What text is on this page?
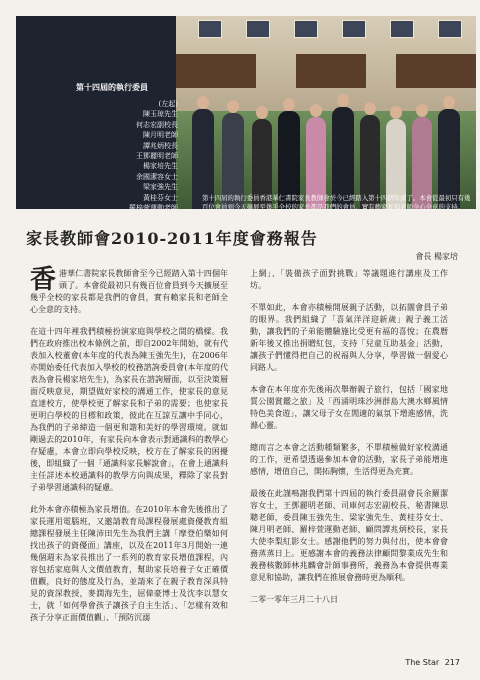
第十四屆的執行委員
(左起)
陳玉琼先生
何志宏副校長
陳月明老師
譚兆炳校長
王鄧麗明老師
楊家培先生
余國潔容女士
梁家強先生
黃桂芬女士
羅梓萱運動老師
陳思聰老師
第十四屆的執行委員香港華仁書院家長教師會於今已經踏入第十四個年頭了。本會從最初只有幾百位會員到今天擴展至幾乎全校的家長都是我們的會員，實有賴家長和老師全心全意的支持。
家長教師會2010-2011年度會務報告
會長 楊家培

香港華仁書院家長教師會至今已經踏入第十四個年頭了。本會從最初只有幾百位會員到今天擴展至幾乎全校的家長都是我們的會員，實有賴家長和老師全心全意的支持。

在這十四年裡我們積極扮演家庭與學校之間的橋樑。我們在政府推出校本條例之前，即自2002年開始，就有代表加入校董會(本年度的代表為陳玉強先生)，在2006年亦開始委任代表加入學校的校務諮詢委員會(本年度的代表為會長楊家培先生)，為家長在諮詢層面，以至決策層面反映意見，期望做好家校的溝通工作，使家長的意見直達校方，使學校更了解家長和子弟的需要；也使家長更明白學校的目標和政策，彼此在互諒互讓中手同心，為我們的子弟締造一個更和諧和美好的學習環境。就如剛過去的2010年，有家長向本會表示對通識科的教學心存疑慮，本會立即向學校反映，校方在了解家長的困擾後，即組織了一個「通識科家長解說會」，在會上通識科主任詳述本校通識科的教學方向與成果，釋除了家長對子弟學習通識科的疑慮。

此外本會亦積極為家長增值。在2010年本會先後推出了家長運用電腦班，又邀請教育局課程發展處資優教育組總課程發展主任陳沛田先生為我們主講「摩登伯樂如何找出孩子的資優面」講座，以及在2011年3月開始一連幾個週末為家長推出了一系列的教育家長增值課程，內容包括家庭與人文價值教育，幫助家長培養子女正確價值觀，良好的態度及行為，並請來了在親子教育深具特見的資深教授，麥潤海先生，屈偉豪博士及沈李以慧女士，就「如何學會孩子讓孩子自主生活」、「怎樣有效和孩子分享正面價值觀」、「預防沉溺

上網」、「裝備孩子面對挑戰」等議題進行講座及工作坊。

不單如此，本會亦積極開展親子活動，以拓闊會員子弟的眼界。我們組織了「喜氣洋洋迎新歲」親子義工活動，讓我們的子弟能體驗施比受更有福的喜悅；在農曆新年後又推出捐贈紅包，支持「兒童互助基金」活動，讓孩子們懂得把自己的祝福與人分享，學習做一個愛心同路人。

本會在本年度亦先後兩次舉辦親子旅行，包括「國家地質公園賞鑑之旅」及「西涌明珠沙洲群島大澳水鄉風情特色美食遊」，讓父母子女在閒適的氣氛下增進感情，洗滌心靈。

總而言之本會之活動種類繁多，不單積極做好家校溝通的工作，更希望透過參加本會的活動，家長子弟能增進感情，增值自己，開拓胸懷，生活得更為充實。

最後在此謹鳴謝我們第十四屆的執行委員副會長余羅潔容女士，王鄧麗明老師、司庫何志宏副校長、秘書陳思聰老師，委員陳玉強先生、梁家強先生、黃桂芬女士、陳月明老師、羅梓萱運動老師、顧問譚兆炳校長，家長大使李梨紅影女士。感謝他們的努力與付出，使本會會務蒸蒸日上。更感謝本會的義務法律顧問黎業成先生和義務核數師林兆麟會計師事務所，義務為本會提供專業意見和協助，讓我們在推展會務時更為順利。

二零一零年三月二十八日

The Star 217
